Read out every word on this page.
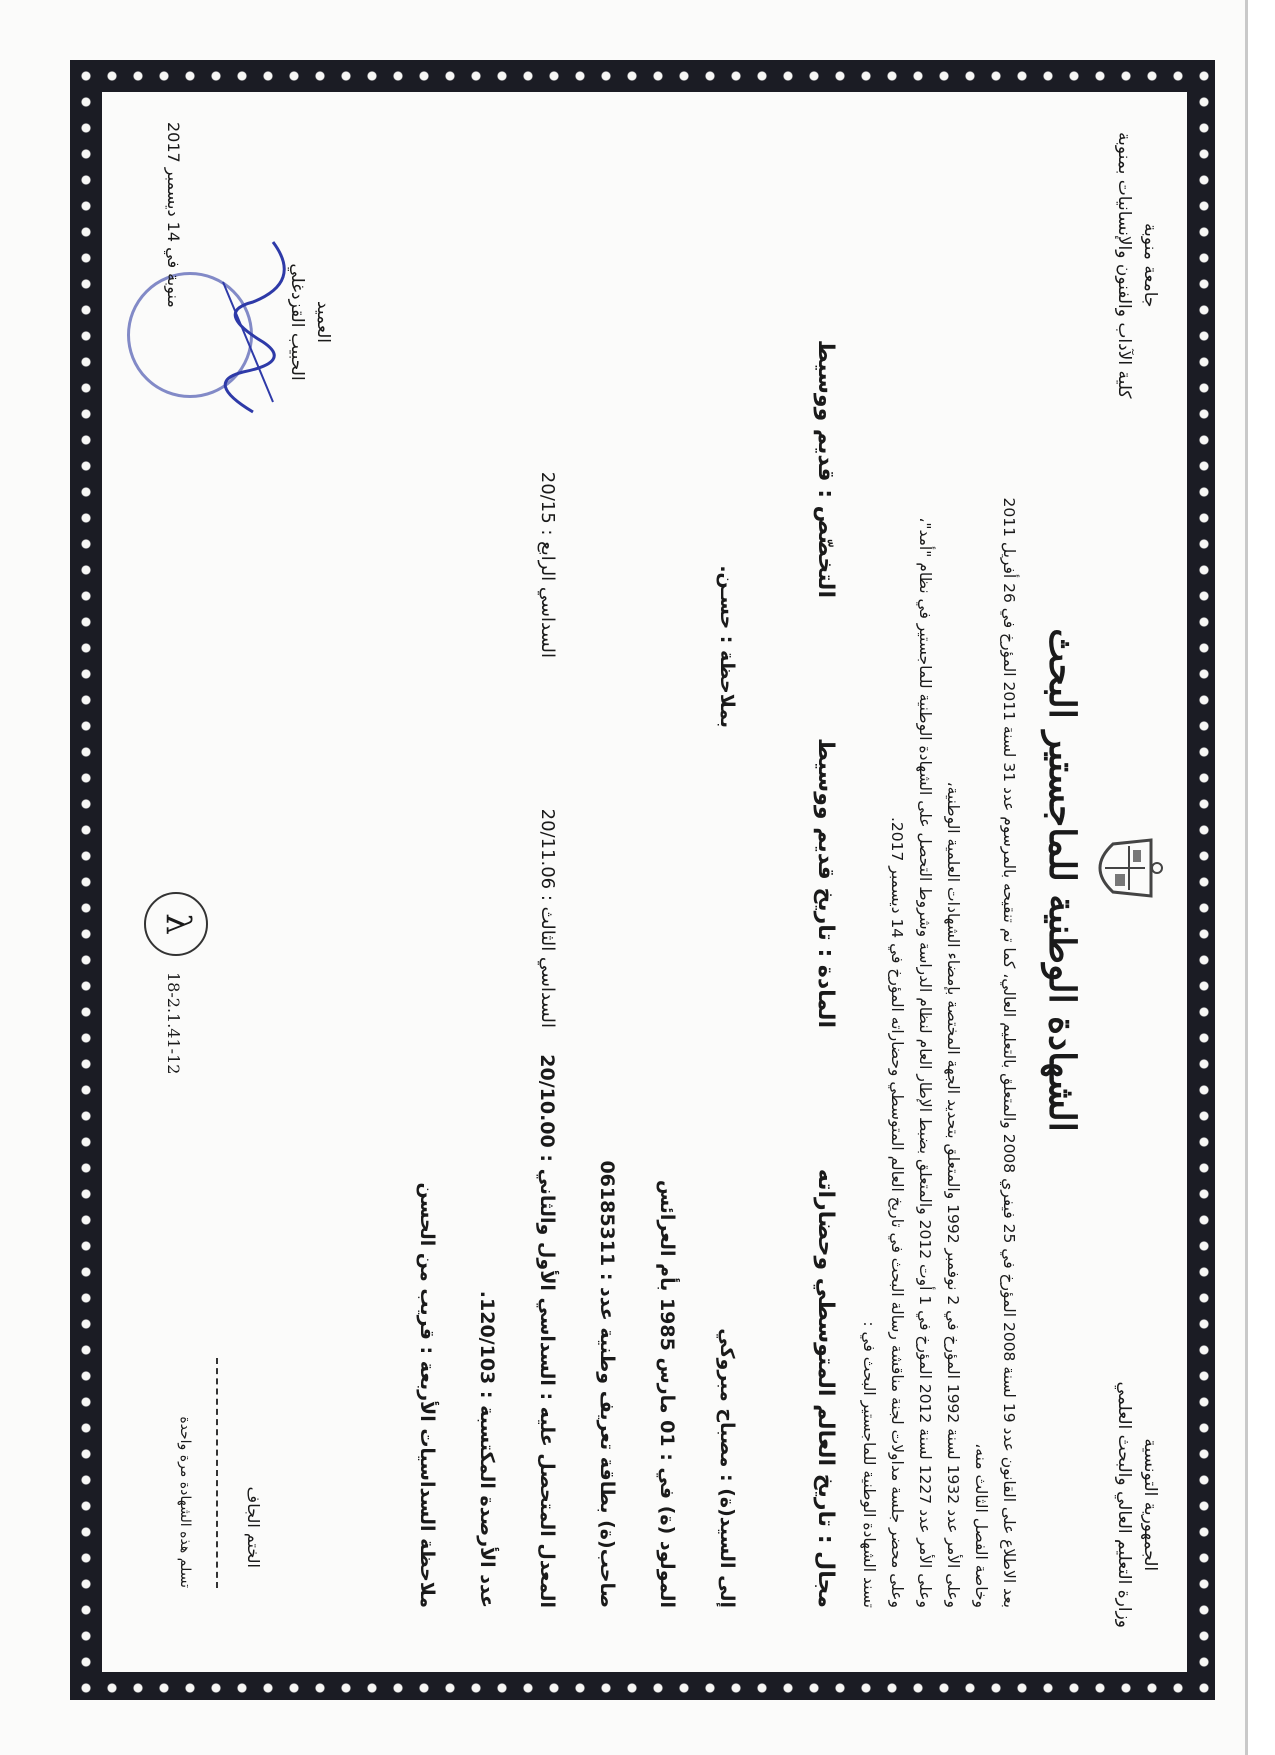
الجمهورية التونسية
وزارة التعليم العالي والبحث العلمي
جامعة منوبة
كلية الآداب والفنون والإنسانيات بمنوبة
الشهادة الوطنية للماجستير البحث
بعد الاطلاع على القانون عدد 19 لسنة 2008 المؤرخ في 25 فيفري 2008 والمتعلق بالتعليم العالي، كما تم تنقيحه بالمرسوم عدد 31 لسنة 2011 المؤرخ في 26 أفريل 2011
وخاصة الفصل الثالث منه،
وعلى الأمر عدد 1932 لسنة 1992 المؤرخ في 2 نوفمبر 1992 والمتعلق بتحديد الجهة المختصة بإمضاء الشهادات العلمية الوطنية،
وعلى الأمر عدد 1227 لسنة 2012 المؤرخ في 1 أوت 2012 والمتعلق بضبط الإطار العام لنظام الدراسة وشروط التحصل على الشهادة الوطنية للماجستير في نظام "أمد"،
وعلى محضر جلسة مداولات لجنة مناقشة رسالة البحث في تاريخ العالم المتوسطي وحضاراته المؤرخ في 14 ديسمبر 2017.
تسند الشهادة الوطنية للماجستير البحث في :
مجال : تاريخ العالم المتوسطي وحضاراته
المادة : تاريخ قديم ووسيط
التخصّص : قديم ووسيط
بملاحظة : حسـن.
إلى السيد(ة) : مصباح مبروكي
المولود (ة) في : 01 مارس 1985 بأم العرائس
صاحب(ة) بطاقة تعريف وطنية عدد : 06185311
المعدل المتحصل عليه : السداسي الأول والثاني : 20/10.00
السداسي الثالث : 20/11.06
السداسي الرابع : 20/15
عدد الأرصدة المكتسبة : 120/103.
ملاحظة السداسيات الأربعة : قريب من الحسن
العميد
الحبيب القزدغلي
منوبة في 14 ديسمبر 2017
الختم الجاف
تسلم هذه الشهادة مرة واحدة
λ
18-2.1.41-12
